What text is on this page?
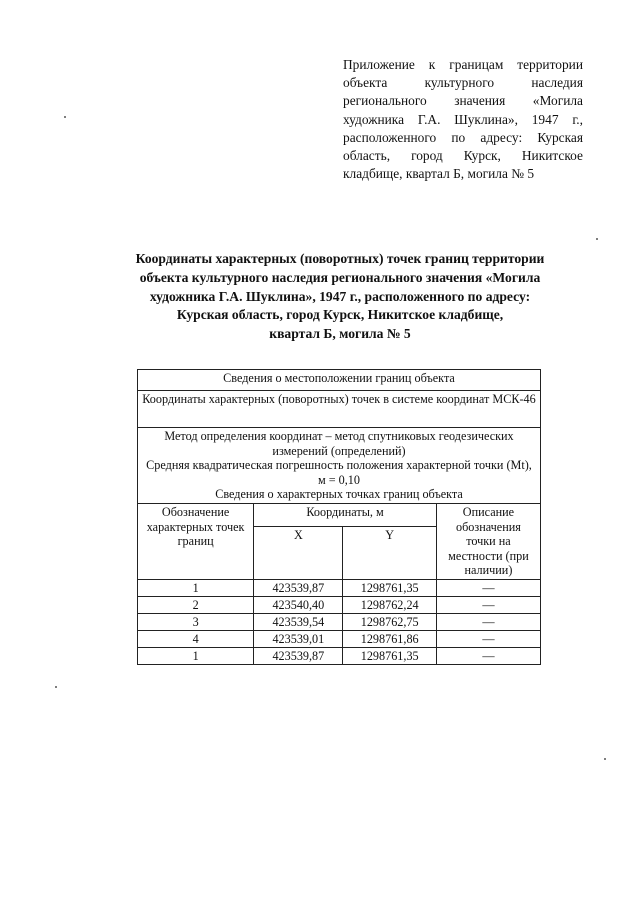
Приложение к границам территории объекта культурного наследия регионального значения «Могила художника Г.А. Шуклина», 1947 г., расположенного по адресу: Курская область, город Курск, Никитское кладбище, квартал Б, могила № 5
Координаты характерных (поворотных) точек границ территории
объекта культурного наследия регионального значения «Могила
художника Г.А. Шуклина», 1947 г., расположенного по адресу:
Курская область, город Курск, Никитское кладбище,
квартал Б, могила № 5
Сведения о местоположении границ объекта			
Координаты характерных (поворотных) точек в системе координат МСК-46			

Метод определения координат – метод спутниковых геодезических измерений (определений)
Средняя квадратическая погрешность положения характерной точки (Mt), м = 0,10
Сведения о характерных точках границ объекта			

Обозначение характерных точек границ	Координаты, м		Описание обозначения точки на местности (при наличии)
	X	Y	
1	423539,87	1298761,35	—
2	423540,40	1298762,24	—
3	423539,54	1298762,75	—
4	423539,01	1298761,86	—
1	423539,87	1298761,35	—
